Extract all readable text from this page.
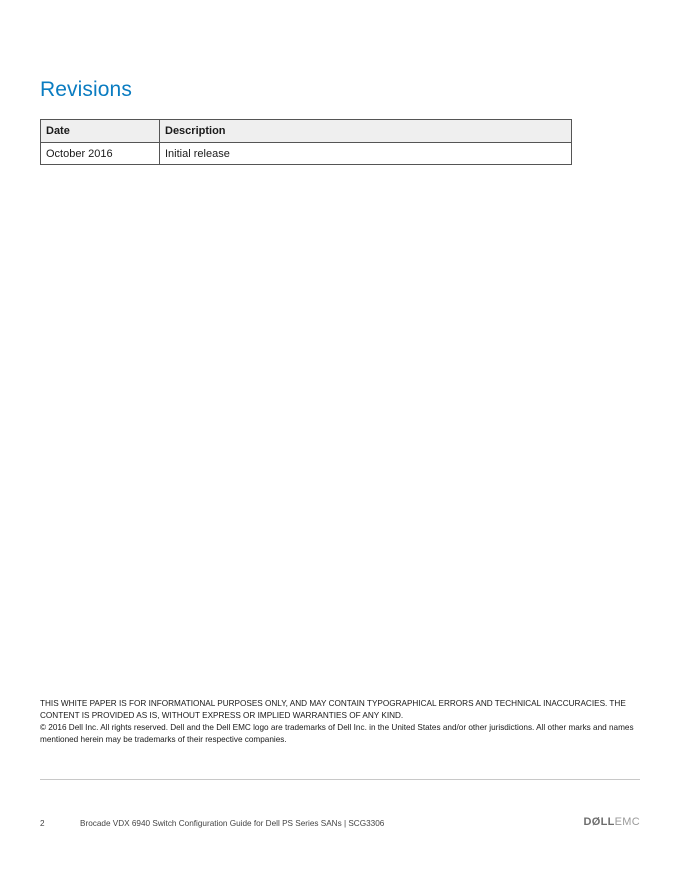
Revisions
Date	Description
October 2016	Initial release
THIS WHITE PAPER IS FOR INFORMATIONAL PURPOSES ONLY, AND MAY CONTAIN TYPOGRAPHICAL ERRORS AND TECHNICAL INACCURACIES. THE CONTENT IS PROVIDED AS IS, WITHOUT EXPRESS OR IMPLIED WARRANTIES OF ANY KIND.
© 2016 Dell Inc. All rights reserved. Dell and the Dell EMC logo are trademarks of Dell Inc. in the United States and/or other jurisdictions. All other marks and names mentioned herein may be trademarks of their respective companies.
2	Brocade VDX 6940 Switch Configuration Guide for Dell PS Series SANs | SCG3306	DØLLEMC
